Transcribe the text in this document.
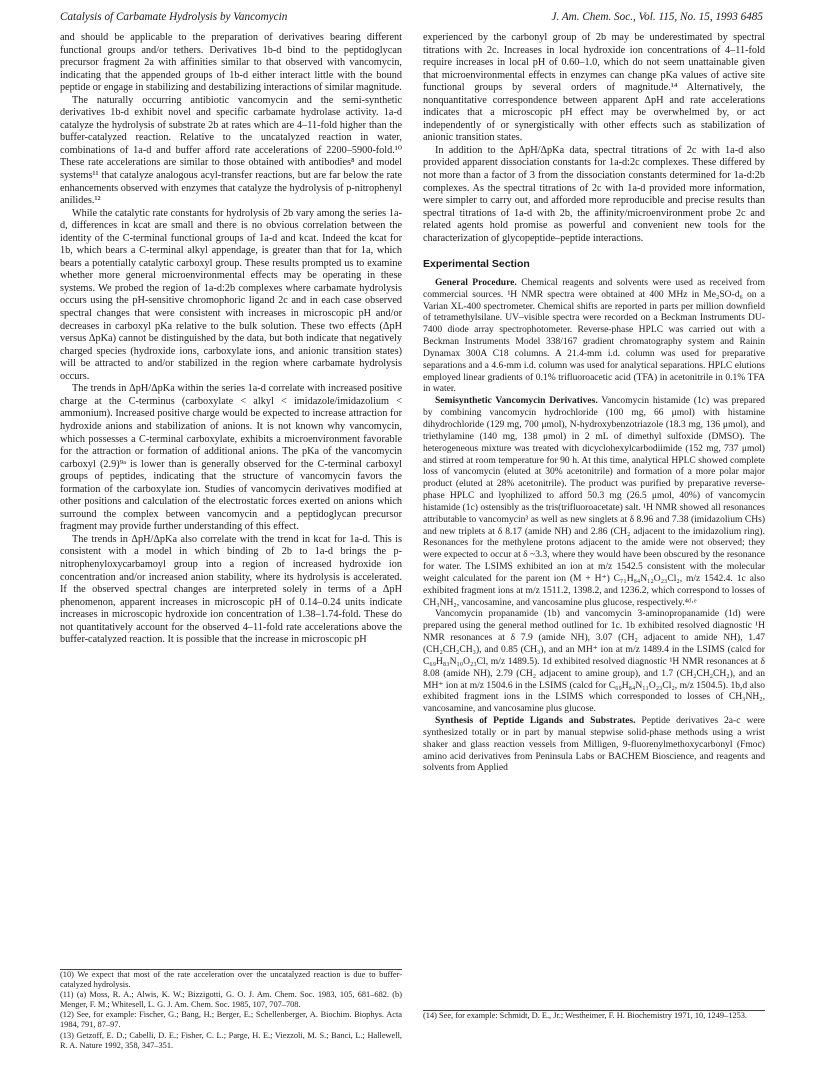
Catalysis of Carbamate Hydrolysis by Vancomycin	J. Am. Chem. Soc., Vol. 115, No. 15, 1993 6485

and should be applicable to the preparation of derivatives bearing different functional groups and/or tethers. Derivatives 1b-d bind to the peptidoglycan precursor fragment 2a with affinities similar to that observed with vancomycin, indicating that the appended groups of 1b-d either interact little with the bound peptide or engage in stabilizing and destabilizing interactions of similar magnitude.

The naturally occurring antibiotic vancomycin and the semi-synthetic derivatives 1b-d exhibit novel and specific carbamate hydrolase activity. 1a-d catalyze the hydrolysis of substrate 2b at rates which are 4–11-fold higher than the buffer-catalyzed reaction. Relative to the uncatalyzed reaction in water, combinations of 1a-d and buffer afford rate accelerations of 2200–5900-fold.¹⁰ These rate accelerations are similar to those obtained with antibodies⁸ and model systems¹¹ that catalyze analogous acyl-transfer reactions, but are far below the rate enhancements observed with enzymes that catalyze the hydrolysis of p-nitrophenyl anilides.¹²

While the catalytic rate constants for hydrolysis of 2b vary among the series 1a-d, differences in kcat are small and there is no obvious correlation between the identity of the C-terminal functional groups of 1a-d and kcat. Indeed the kcat for 1b, which bears a C-terminal alkyl appendage, is greater than that for 1a, which bears a potentially catalytic carboxyl group. These results prompted us to examine whether more general microenvironmental effects may be operating in these systems. We probed the region of 1a-d:2b complexes where carbamate hydrolysis occurs using the pH-sensitive chromophoric ligand 2c and in each case observed spectral changes that were consistent with increases in microscopic pH and/or decreases in carboxyl pKa relative to the bulk solution. These two effects (ΔpH versus ΔpKa) cannot be distinguished by the data, but both indicate that negatively charged species (hydroxide ions, carboxylate ions, and anionic transition states) will be attracted to and/or stabilized in the region where carbamate hydrolysis occurs.

The trends in ΔpH/ΔpKa within the series 1a-d correlate with increased positive charge at the C-terminus (carboxylate < alkyl < imidazole/imidazolium < ammonium). Increased positive charge would be expected to increase attraction for hydroxide anions and stabilization of anions. It is not known why vancomycin, which possesses a C-terminal carboxylate, exhibits a microenvironment favorable for the attraction or formation of additional anions. The pKa of the vancomycin carboxyl (2.9)⁹ᵃ is lower than is generally observed for the C-terminal carboxyl groups of peptides, indicating that the structure of vancomycin favors the formation of the carboxylate ion. Studies of vancomycin derivatives modified at other positions and calculation of the electrostatic forces exerted on anions which surround the complex between vancomycin and a peptidoglycan precursor fragment may provide further understanding of this effect.

The trends in ΔpH/ΔpKa also correlate with the trend in kcat for 1a-d. This is consistent with a model in which binding of 2b to 1a-d brings the p-nitrophenyloxycarbamoyl group into a region of increased hydroxide ion concentration and/or increased anion stability, where its hydrolysis is accelerated. If the observed spectral changes are interpreted solely in terms of a ΔpH phenomenon, apparent increases in microscopic pH of 0.14–0.24 units indicate increases in microscopic hydroxide ion concentration of 1.38–1.74-fold. These do not quantitatively account for the observed 4–11-fold rate accelerations above the buffer-catalyzed reaction. It is possible that the increase in microscopic pH

(10) We expect that most of the rate acceleration over the uncatalyzed reaction is due to buffer-catalyzed hydrolysis.

(11) (a) Moss, R. A.; Alwis, K. W.; Bizzigotti, G. O. J. Am. Chem. Soc. 1983, 105, 681–682. (b) Menger, F. M.; Whitesell, L. G. J. Am. Chem. Soc. 1985, 107, 707–708.

(12) See, for example: Fischer, G.; Bang, H.; Berger, E.; Schellenberger, A. Biochim. Biophys. Acta 1984, 791, 87–97.

(13) Getzoff, E. D.; Cabelli, D. E.; Fisher, C. L.; Parge, H. E.; Viezzoli, M. S.; Banci, L.; Hallewell, R. A. Nature 1992, 358, 347–351.

experienced by the carbonyl group of 2b may be underestimated by spectral titrations with 2c. Increases in local hydroxide ion concentrations of 4–11-fold require increases in local pH of 0.60–1.0, which do not seem unattainable given that microenvironmental effects in enzymes can change pKa values of active site functional groups by several orders of magnitude.¹⁴ Alternatively, the nonquantitative correspondence between apparent ΔpH and rate accelerations indicates that a microscopic pH effect may be overwhelmed by, or act independently of or synergistically with other effects such as stabilization of anionic transition states.

In addition to the ΔpH/ΔpKa data, spectral titrations of 2c with 1a-d also provided apparent dissociation constants for 1a-d:2c complexes. These differed by not more than a factor of 3 from the dissociation constants determined for 1a-d:2b complexes. As the spectral titrations of 2c with 1a-d provided more information, were simpler to carry out, and afforded more reproducible and precise results than spectral titrations of 1a-d with 2b, the affinity/microenvironment probe 2c and related agents hold promise as powerful and convenient new tools for the characterization of glycopeptide–peptide interactions.

Experimental Section

General Procedure. Chemical reagents and solvents were used as received from commercial sources. ¹H NMR spectra were obtained at 400 MHz in Me₂SO-d₆ on a Varian XL-400 spectrometer. Chemical shifts are reported in parts per million downfield of tetramethylsilane. UV–visible spectra were recorded on a Beckman Instruments DU-7400 diode array spectrophotometer. Reverse-phase HPLC was carried out with a Beckman Instruments Model 338/167 gradient chromatography system and Rainin Dynamax 300A C18 columns. A 21.4-mm i.d. column was used for preparative separations and a 4.6-mm i.d. column was used for analytical separations. HPLC elutions employed linear gradients of 0.1% trifluoroacetic acid (TFA) in acetonitrile in 0.1% TFA in water.

Semisynthetic Vancomycin Derivatives. Vancomycin histamide (1c) was prepared by combining vancomycin hydrochloride (100 mg, 66 μmol) with histamine dihydrochloride (129 mg, 700 μmol), N-hydroxybenzotriazole (18.3 mg, 136 μmol), and triethylamine (140 mg, 138 μmol) in 2 mL of dimethyl sulfoxide (DMSO). The heterogeneous mixture was treated with dicyclohexylcarbodiimide (152 mg, 737 μmol) and stirred at room temperature for 90 h. At this time, analytical HPLC showed complete loss of vancomycin (eluted at 30% acetonitrile) and formation of a more polar major product (eluted at 28% acetonitrile). The product was purified by preparative reverse-phase HPLC and lyophilized to afford 50.3 mg (26.5 μmol, 40%) of vancomycin histamide (1c) ostensibly as the tris(trifluoroacetate) salt. ¹H NMR showed all resonances attributable to vancomycin³ as well as new singlets at δ 8.96 and 7.38 (imidazolium CHs) and new triplets at δ 8.17 (amide NH) and 2.86 (CH₂ adjacent to the imidazolium ring). Resonances for the methylene protons adjacent to the amide were not observed; they were expected to occur at δ ~3.3, where they would have been obscured by the resonance for water. The LSIMS exhibited an ion at m/z 1542.5 consistent with the molecular weight calculated for the parent ion (M + H⁺) C₇₁H₈₄N₁₂O₂₃Cl₂, m/z 1542.4. 1c also exhibited fragment ions at m/z 1511.2, 1398.2, and 1236.2, which correspond to losses of CH₃NH₂, vancosamine, and vancosamine plus glucose, respectively.⁴ᵈ·ᵉ

Vancomycin propanamide (1b) and vancomycin 3-aminopropanamide (1d) were prepared using the general method outlined for 1c. 1b exhibited resolved diagnostic ¹H NMR resonances at δ 7.9 (amide NH), 3.07 (CH₂ adjacent to amide NH), 1.47 (CH₂CH₂CH₃), and 0.85 (CH₃), and an MH⁺ ion at m/z 1489.4 in the LSIMS (calcd for C₆₉H₈₃N₁₀O₂₃Cl, m/z 1489.5). 1d exhibited resolved diagnostic ¹H NMR resonances at δ 8.08 (amide NH), 2.79 (CH₂ adjacent to amine group), and 1.7 (CH₂CH₂CH₂), and an MH⁺ ion at m/z 1504.6 in the LSIMS (calcd for C₆₉H₈₄N₁₁O₂₃Cl₂, m/z 1504.5). 1b,d also exhibited fragment ions in the LSIMS which corresponded to losses of CH₃NH₂, vancosamine, and vancosamine plus glucose.

Synthesis of Peptide Ligands and Substrates. Peptide derivatives 2a-c were synthesized totally or in part by manual stepwise solid-phase methods using a wrist shaker and glass reaction vessels from Milligen, 9-fluorenylmethoxycarbonyl (Fmoc) amino acid derivatives from Peninsula Labs or BACHEM Bioscience, and reagents and solvents from Applied

(14) See, for example: Schmidt, D. E., Jr.; Westheimer, F. H. Biochemistry 1971, 10, 1249–1253.
